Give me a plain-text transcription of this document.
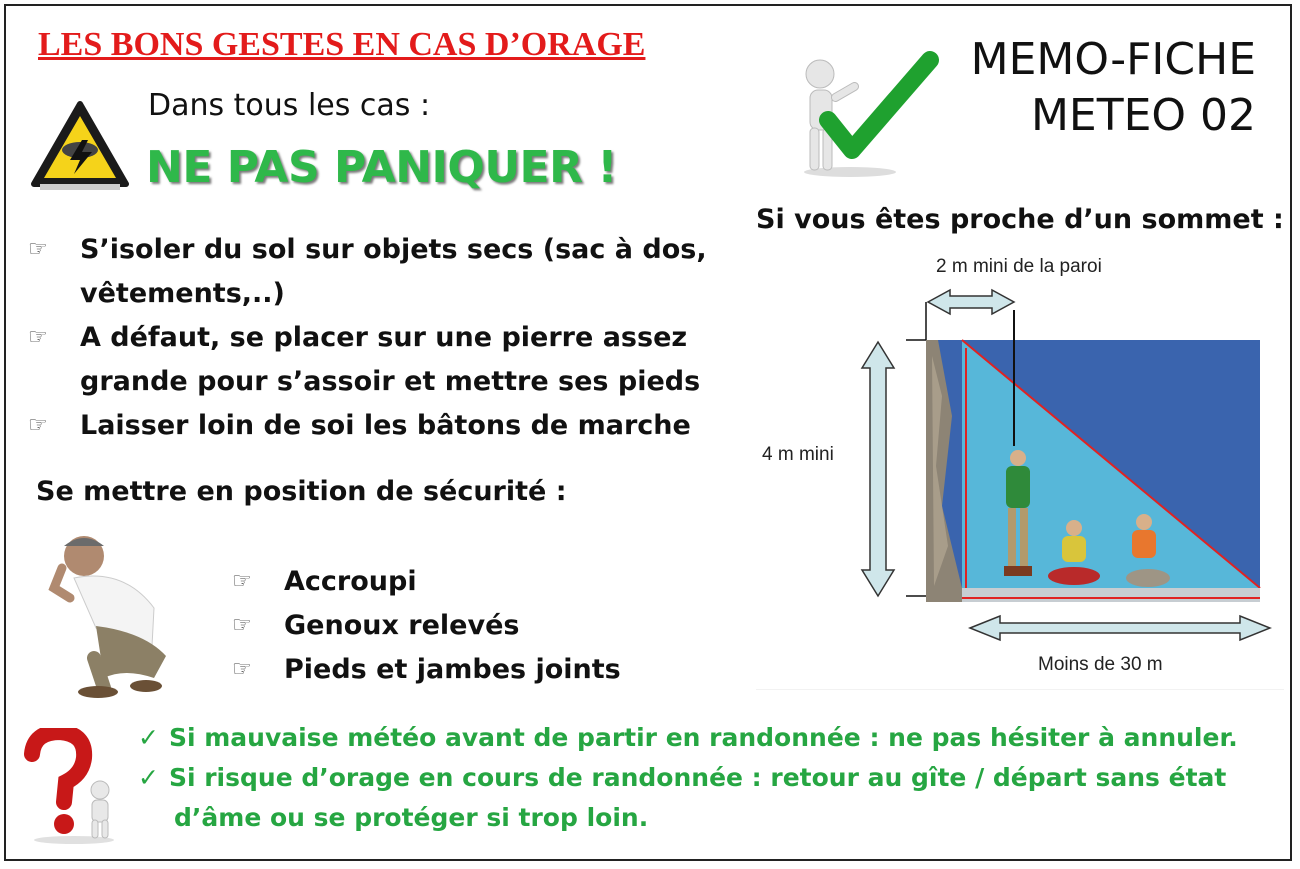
LES BONS GESTES EN CAS D’ORAGE
Dans tous les cas :
NE PAS PANIQUER !
MEMO-FICHE
METEO 02
☞ S’isoler du sol sur objets secs (sac à dos,
vêtements,..)
☞ A défaut, se placer sur une pierre assez
grande pour s’assoir et mettre ses pieds
☞ Laisser loin de soi les bâtons de marche
Se mettre en position de sécurité :
☞ Accroupi
☞ Genoux relevés
☞ Pieds et jambes joints
Si vous êtes proche d’un sommet :
2 m mini de la paroi
4 m mini
Moins de 30 m
✓ Si mauvaise météo avant de partir en randonnée : ne pas hésiter à annuler.
✓ Si risque d’orage en cours de randonnée : retour au gîte / départ sans état
d’âme ou se protéger si trop loin.
